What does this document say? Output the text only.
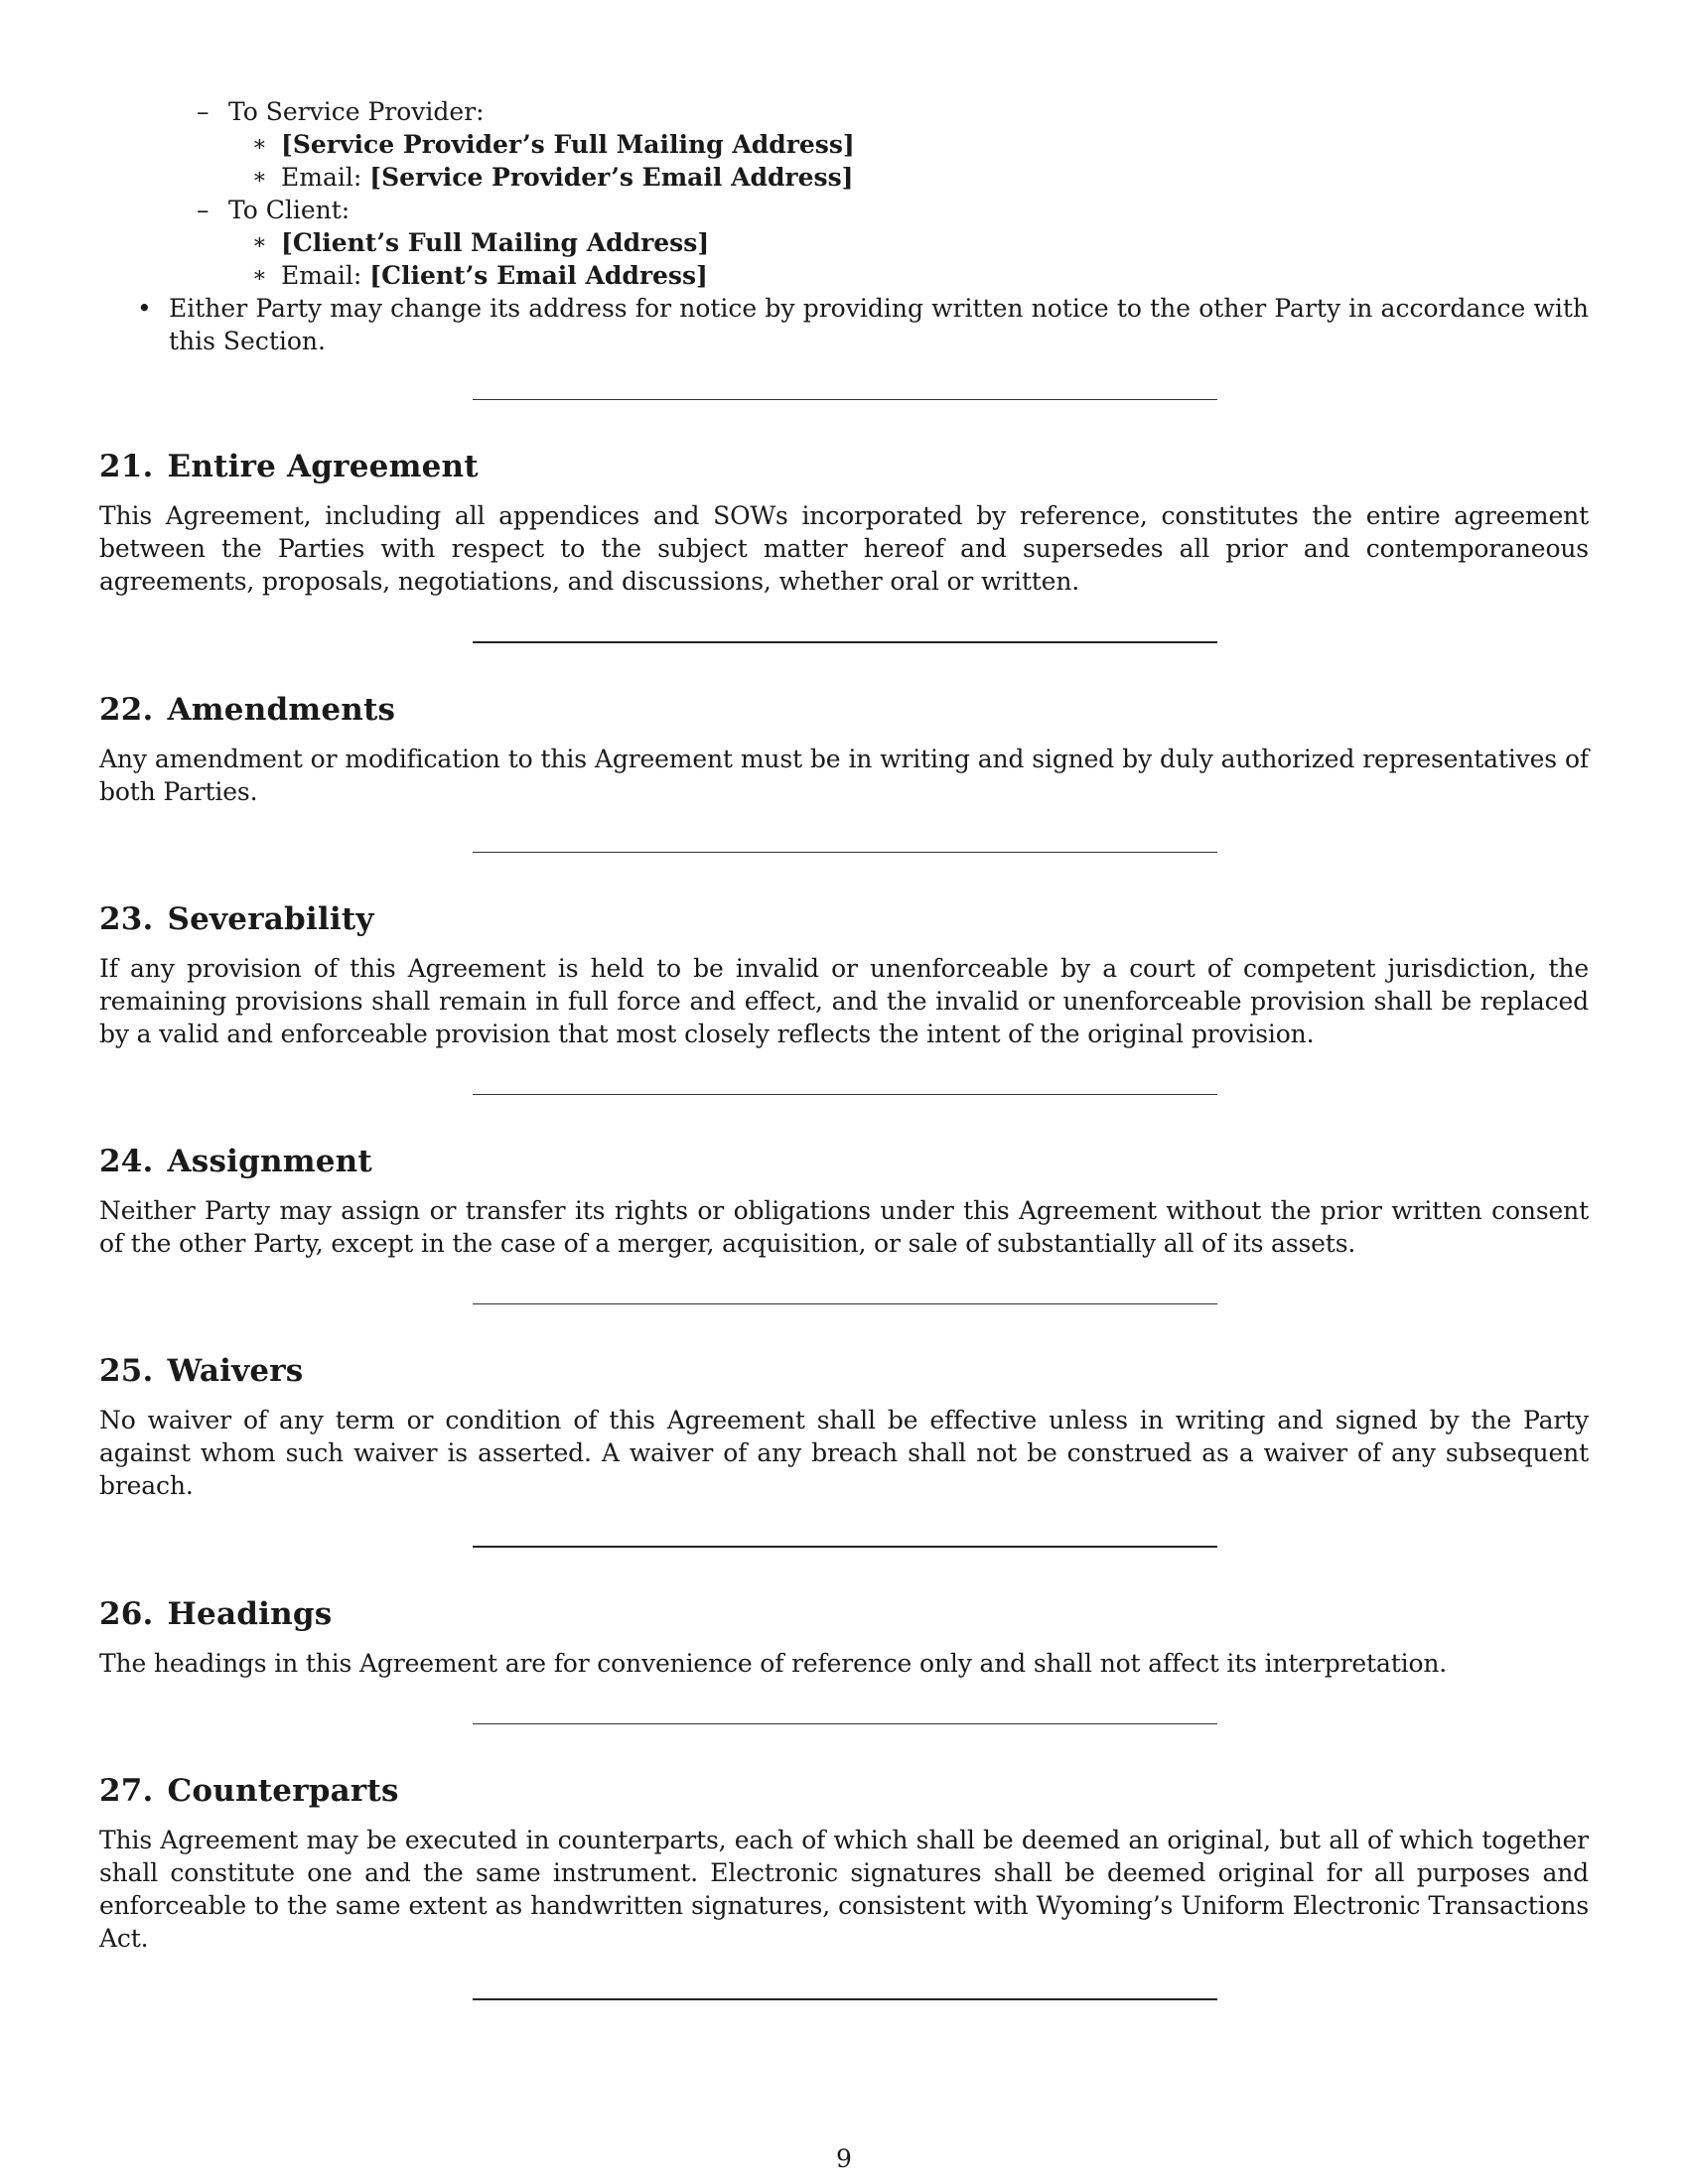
– To Service Provider:
∗ [Service Provider’s Full Mailing Address]
∗ Email: [Service Provider’s Email Address]
– To Client:
∗ [Client’s Full Mailing Address]
∗ Email: [Client’s Email Address]
• Either Party may change its address for notice by providing written notice to the other Party in accordance with this Section.
21. Entire Agreement
This Agreement, including all appendices and SOWs incorporated by reference, constitutes the entire agreement between the Parties with respect to the subject matter hereof and supersedes all prior and contemporaneous agreements, proposals, negotiations, and discussions, whether oral or written.
22. Amendments
Any amendment or modification to this Agreement must be in writing and signed by duly authorized representatives of both Parties.
23. Severability
If any provision of this Agreement is held to be invalid or unenforceable by a court of competent jurisdiction, the remaining provisions shall remain in full force and effect, and the invalid or unenforceable provision shall be replaced by a valid and enforceable provision that most closely reflects the intent of the original provision.
24. Assignment
Neither Party may assign or transfer its rights or obligations under this Agreement without the prior written consent of the other Party, except in the case of a merger, acquisition, or sale of substantially all of its assets.
25. Waivers
No waiver of any term or condition of this Agreement shall be effective unless in writing and signed by the Party against whom such waiver is asserted. A waiver of any breach shall not be construed as a waiver of any subsequent breach.
26. Headings
The headings in this Agreement are for convenience of reference only and shall not affect its interpretation.
27. Counterparts
This Agreement may be executed in counterparts, each of which shall be deemed an original, but all of which together shall constitute one and the same instrument. Electronic signatures shall be deemed original for all purposes and enforceable to the same extent as handwritten signatures, consistent with Wyoming’s Uniform Electronic Transactions Act.
9
